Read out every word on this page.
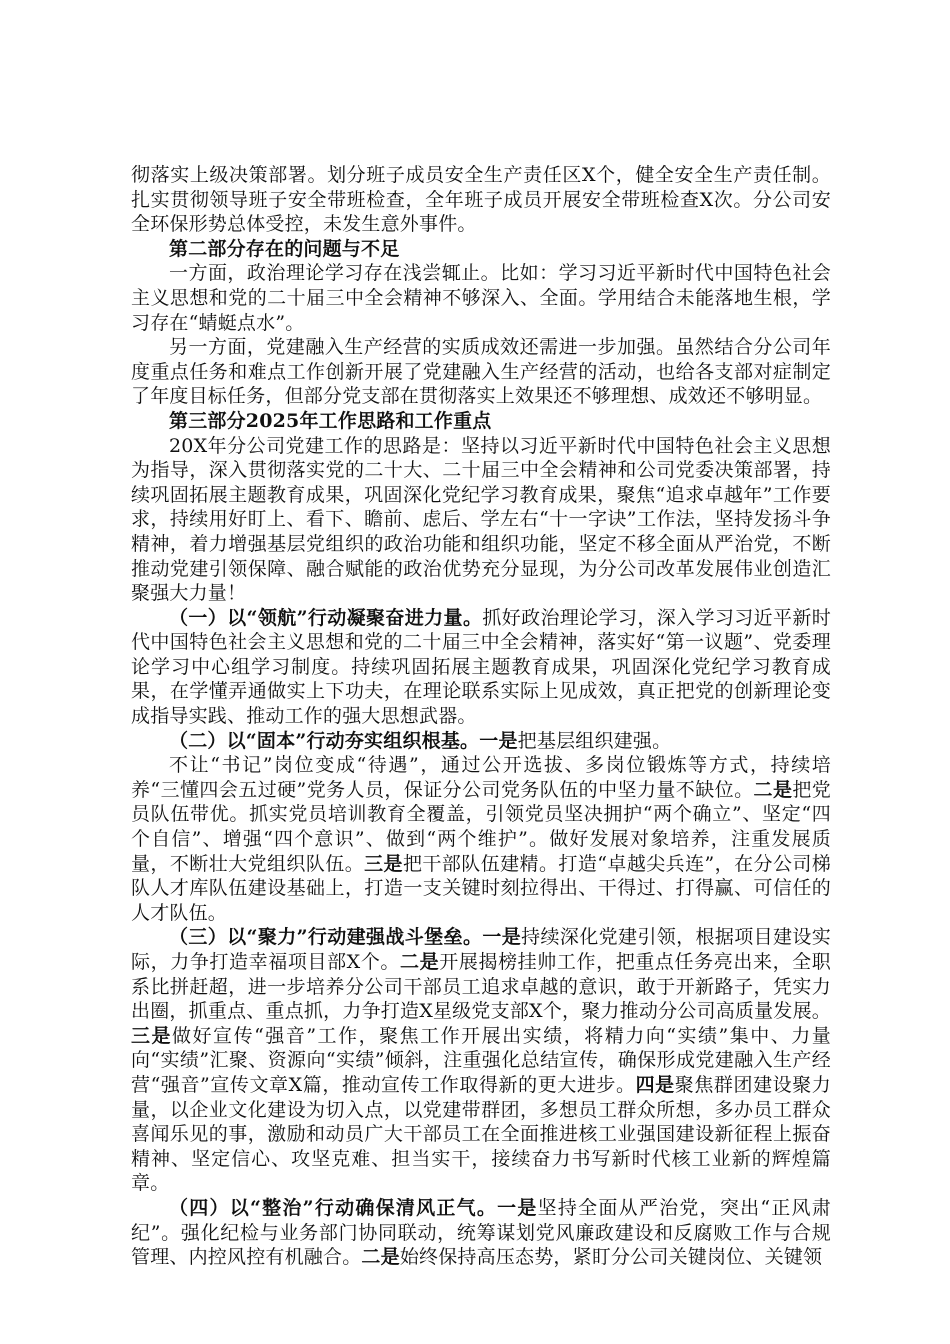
彻落实上级决策部署。划分班子成员安全生产责任区X个，健全安全生产责任制。扎实贯彻领导班子安全带班检查，全年班子成员开展安全带班检查X次。分公司安全环保形势总体受控，未发生意外事件。

第二部分存在的问题与不足

一方面，政治理论学习存在浅尝辄止。比如：学习习近平新时代中国特色社会主义思想和党的二十届三中全会精神不够深入、全面。学用结合未能落地生根，学习存在“蜻蜓点水”。

另一方面，党建融入生产经营的实质成效还需进一步加强。虽然结合分公司年度重点任务和难点工作创新开展了党建融入生产经营的活动，也给各支部对症制定了年度目标任务，但部分党支部在贯彻落实上效果还不够理想、成效还不够明显。

第三部分2025年工作思路和工作重点

20X年分公司党建工作的思路是：坚持以习近平新时代中国特色社会主义思想为指导，深入贯彻落实党的二十大、二十届三中全会精神和公司党委决策部署，持续巩固拓展主题教育成果，巩固深化党纪学习教育成果，聚焦“追求卓越年”工作要求，持续用好盯上、看下、瞻前、虑后、学左右“十一字诀”工作法，坚持发扬斗争精神，着力增强基层党组织的政治功能和组织功能，坚定不移全面从严治党，不断推动党建引领保障、融合赋能的政治优势充分显现，为分公司改革发展伟业创造汇聚强大力量！

（一）以“领航”行动凝聚奋进力量。抓好政治理论学习，深入学习习近平新时代中国特色社会主义思想和党的二十届三中全会精神，落实好“第一议题”、党委理论学习中心组学习制度。持续巩固拓展主题教育成果，巩固深化党纪学习教育成果，在学懂弄通做实上下功夫，在理论联系实际上见成效，真正把党的创新理论变成指导实践、推动工作的强大思想武器。

（二）以“固本”行动夯实组织根基。一是把基层组织建强。

不让“书记”岗位变成“待遇”，通过公开选拔、多岗位锻炼等方式，持续培养“三懂四会五过硬”党务人员，保证分公司党务队伍的中坚力量不缺位。二是把党员队伍带优。抓实党员培训教育全覆盖，引领党员坚决拥护“两个确立”、坚定“四个自信”、增强“四个意识”、做到“两个维护”。做好发展对象培养，注重发展质量，不断壮大党组织队伍。三是把干部队伍建精。打造“卓越尖兵连”，在分公司梯队人才库队伍建设基础上，打造一支关键时刻拉得出、干得过、打得赢、可信任的人才队伍。

（三）以“聚力”行动建强战斗堡垒。一是持续深化党建引领，根据项目建设实际，力争打造幸福项目部X个。二是开展揭榜挂帅工作，把重点任务亮出来，全职系比拼赶超，进一步培养分公司干部员工追求卓越的意识，敢于开新路子，凭实力出圈，抓重点、重点抓，力争打造X星级党支部X个，聚力推动分公司高质量发展。三是做好宣传“强音”工作，聚焦工作开展出实绩，将精力向“实绩”集中、力量向“实绩”汇聚、资源向“实绩”倾斜，注重强化总结宣传，确保形成党建融入生产经营“强音”宣传文章X篇，推动宣传工作取得新的更大进步。四是聚焦群团建设聚力量，以企业文化建设为切入点，以党建带群团，多想员工群众所想，多办员工群众喜闻乐见的事，激励和动员广大干部员工在全面推进核工业强国建设新征程上振奋精神、坚定信心、攻坚克难、担当实干，接续奋力书写新时代核工业新的辉煌篇章。

（四）以“整治”行动确保清风正气。一是坚持全面从严治党，突出“正风肃纪”。强化纪检与业务部门协同联动，统筹谋划党风廉政建设和反腐败工作与合规管理、内控风控有机融合。二是始终保持高压态势，紧盯分公司关键岗位、关键领
